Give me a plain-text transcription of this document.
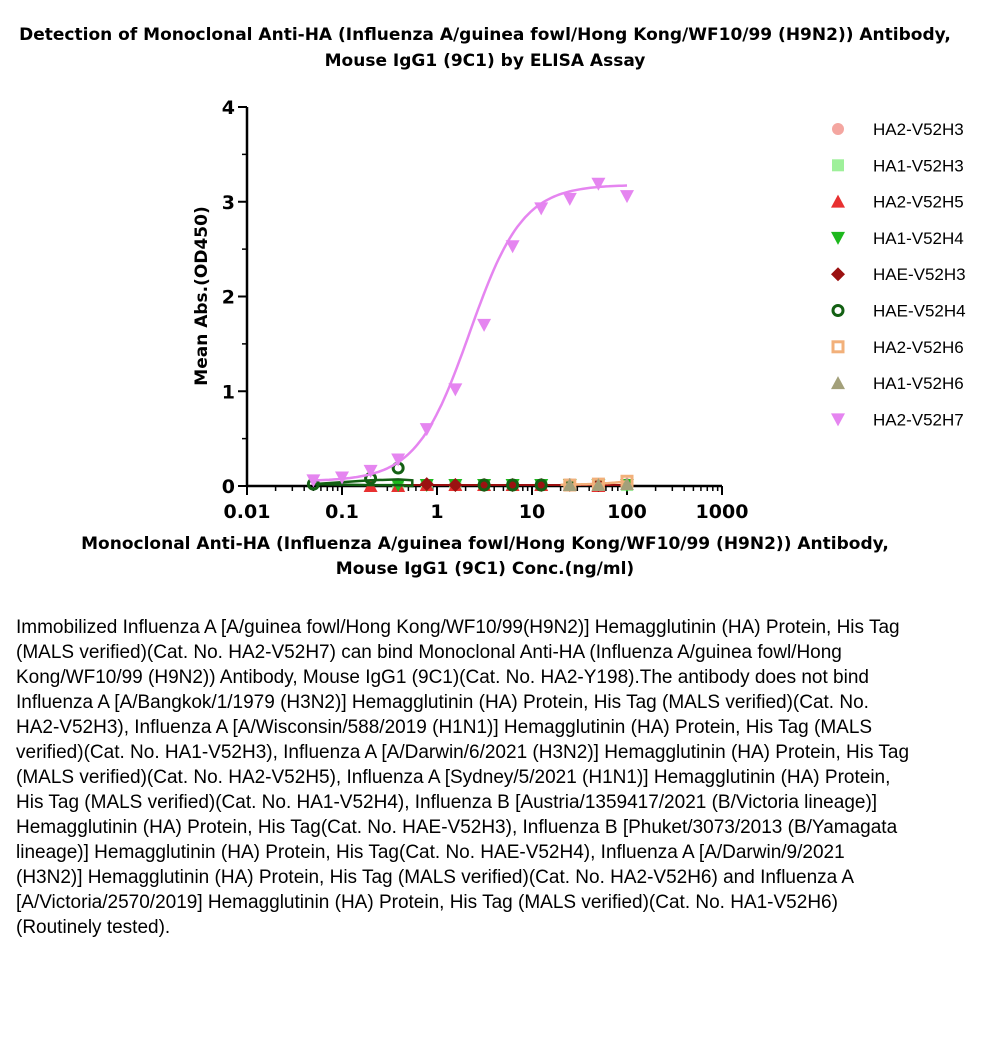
Detection of Monoclonal Anti-HA (Influenza A/guinea fowl/Hong Kong/WF10/99 (H9N2)) Antibody,
Mouse IgG1 (9C1) by ELISA Assay
0.01	0.1	1	10	100	1000
0
1
2
3
4
Mean Abs.(OD450)
HA2-V52H3
HA1-V52H3
HA2-V52H5
HA1-V52H4
HAE-V52H3
HAE-V52H4
HA2-V52H6
HA1-V52H6
HA2-V52H7
Monoclonal Anti-HA (Influenza A/guinea fowl/Hong Kong/WF10/99 (H9N2)) Antibody,
Mouse IgG1 (9C1) Conc.(ng/ml)
Immobilized Influenza A [A/guinea fowl/Hong Kong/WF10/99(H9N2)] Hemagglutinin (HA) Protein, His Tag (MALS verified)(Cat. No. HA2-V52H7) can bind Monoclonal Anti-HA (Influenza A/guinea fowl/Hong Kong/WF10/99 (H9N2)) Antibody, Mouse IgG1 (9C1)(Cat. No. HA2-Y198).The antibody does not bind Influenza A [A/Bangkok/1/1979 (H3N2)] Hemagglutinin (HA) Protein, His Tag (MALS verified)(Cat. No. HA2-V52H3), Influenza A [A/Wisconsin/588/2019 (H1N1)] Hemagglutinin (HA) Protein, His Tag (MALS verified)(Cat. No. HA1-V52H3), Influenza A [A/Darwin/6/2021 (H3N2)] Hemagglutinin (HA) Protein, His Tag (MALS verified)(Cat. No. HA2-V52H5), Influenza A [Sydney/5/2021 (H1N1)] Hemagglutinin (HA) Protein, His Tag (MALS verified)(Cat. No. HA1-V52H4), Influenza B [Austria/1359417/2021 (B/Victoria lineage)] Hemagglutinin (HA) Protein, His Tag(Cat. No. HAE-V52H3), Influenza B [Phuket/3073/2013 (B/Yamagata lineage)] Hemagglutinin (HA) Protein, His Tag(Cat. No. HAE-V52H4), Influenza A [A/Darwin/9/2021 (H3N2)] Hemagglutinin (HA) Protein, His Tag (MALS verified)(Cat. No. HA2-V52H6) and Influenza A [A/Victoria/2570/2019] Hemagglutinin (HA) Protein, His Tag (MALS verified)(Cat. No. HA1-V52H6) (Routinely tested).
